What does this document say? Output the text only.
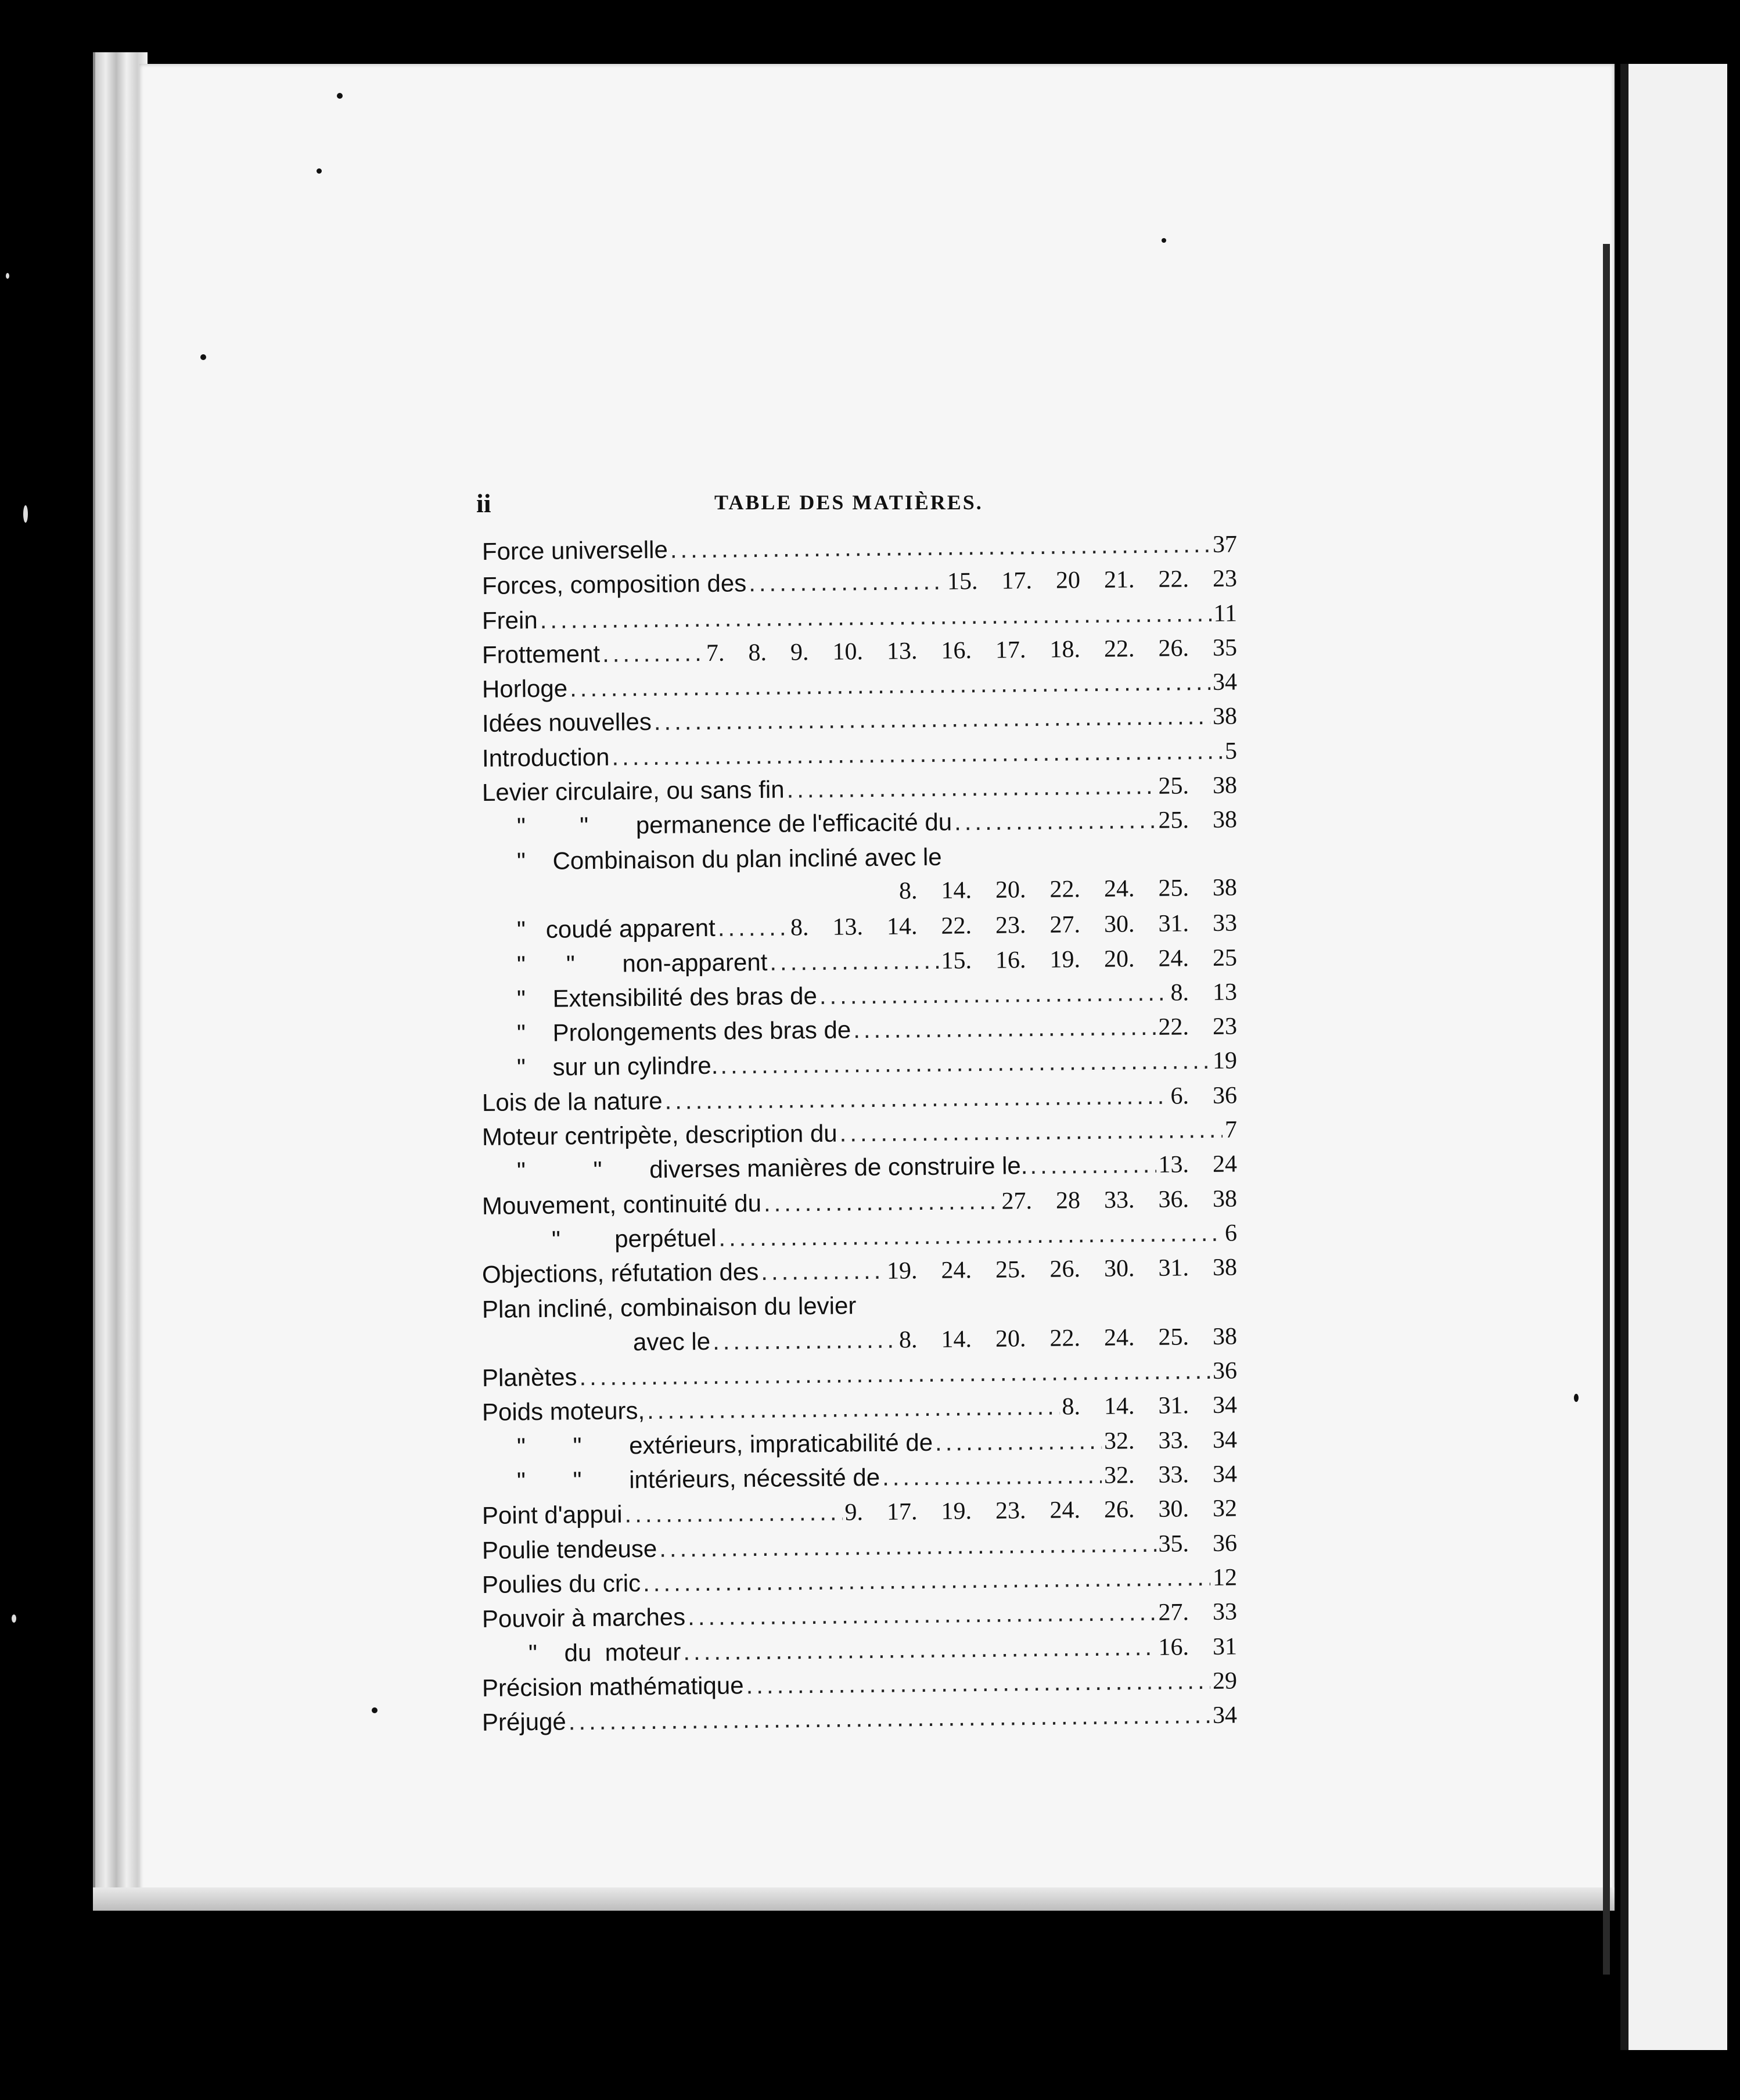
ii	TABLE DES MATIÈRES.
Force universelle .....	37
Forces, composition des .....	15.  17.  20  21.  22.  23
Frein .....	11
Frottement .....	7.  8.  9.  10.  13.  16.  17.  18.  22.  26.  35
Horloge .....	34
Idées nouvelles .....	38
Introduction .....	5
Levier circulaire, ou sans fin .....	25.  38
"        "       permanence de l'efficacité du .....	25.  38
"    Combinaison du plan incliné avec le
8.  14.  20.  22.  24.  25.  38
"   coudé apparent .....	8.  13.  14.  22.  23.  27.  30.  31.  33
"      "       non-apparent .....	15.  16.  19.  20.  24.  25
"    Extensibilité des bras de .....	8.  13
"    Prolongements des bras de .....	22.  23
"    sur un cylindre. .....	19
Lois de la nature .....	6.  36
Moteur centripète, description du .....	7
"          "       diverses manières de construire le. .....	13.  24
Mouvement, continuité du .....	27.  28  33.  36.  38
"        perpétuel .....	6
Objections, réfutation des .....	19.  24.  25.  26.  30.  31.  38
Plan incliné, combinaison du levier
avec le .....	8.  14.  20.  22.  24.  25.  38
Planètes .....	36
Poids moteurs, .....	8.  14.  31.  34
"       "       extérieurs, impraticabilité de .....	32.  33.  34
"       "       intérieurs, nécessité de .....	32.  33.  34
Point d'appui .....	9.  17.  19.  23.  24.  26.  30.  32
Poulie tendeuse .....	35.  36
Poulies du cric .....	12
Pouvoir à marches .....	27.  33
"    du  moteur .....	16.  31
Précision mathématique .....	29
Préjugé .....	34
